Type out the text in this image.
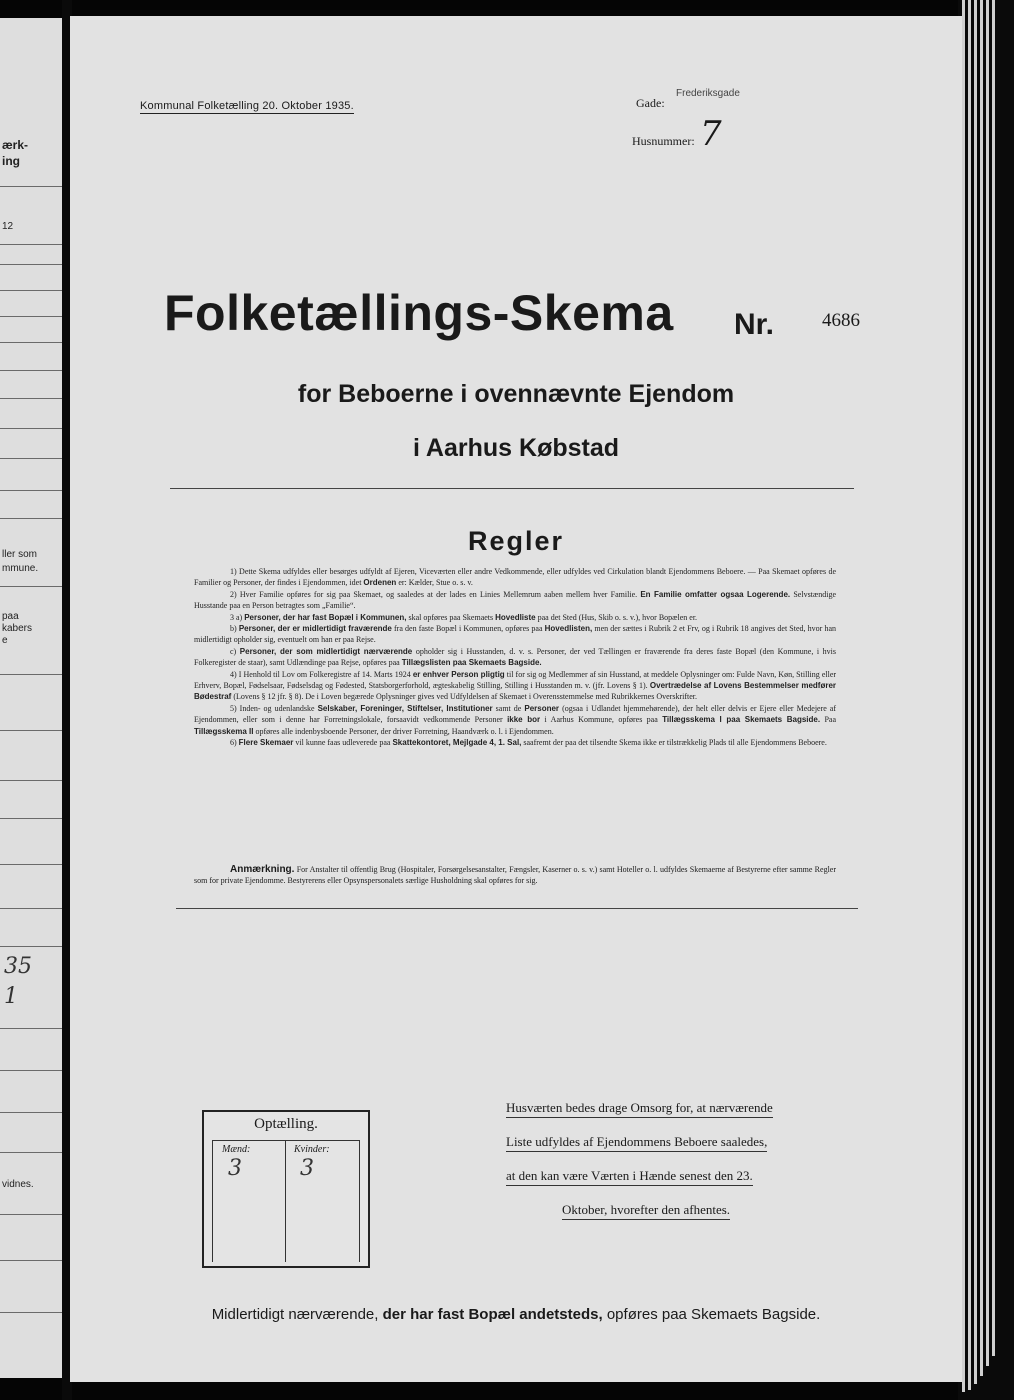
ærk-
ing
12
ller som
mmune.
paa
kabers
e
35
1
vidnes.
Kommunal Folketælling 20. Oktober 1935.	Gade:
Frederiksgade
Husnummer: 7
Folketællings-Skema Nr.	4686
for Beboerne i ovennævnte Ejendom
i Aarhus Købstad
Regler

1) Dette Skema udfyldes eller besørges udfyldt af Ejeren, Viceværten eller andre Vedkommende, eller udfyldes ved Cirkulation blandt Ejendommens Beboere. — Paa Skemaet opføres de Familier og Personer, der findes i Ejendommen, idet Ordenen er: Kælder, Stue o. s. v.

2) Hver Familie opføres for sig paa Skemaet, og saaledes at der lades en Linies Mellemrum aaben mellem hver Familie. En Familie omfatter ogsaa Logerende. Selvstændige Husstande paa en Person betragtes som „Familie“.

3 a) Personer, der har fast Bopæl i Kommunen, skal opføres paa Skemaets Hovedliste paa det Sted (Hus, Skib o. s. v.), hvor Bopælen er.

b) Personer, der er midlertidigt fraværende fra den faste Bopæl i Kommunen, opføres paa Hovedlisten, men der sættes i Rubrik 2 et Frv, og i Rubrik 18 angives det Sted, hvor han midlertidigt opholder sig, eventuelt om han er paa Rejse.

c) Personer, der som midlertidigt nærværende opholder sig i Husstanden, d. v. s. Personer, der ved Tællingen er fraværende fra deres faste Bopæl (den Kommune, i hvis Folkeregister de staar), samt Udlændinge paa Rejse, opføres paa Tillægslisten paa Skemaets Bagside.

4) I Henhold til Lov om Folkeregistre af 14. Marts 1924 er enhver Person pligtig til for sig og Medlemmer af sin Husstand, at meddele Oplysninger om: Fulde Navn, Køn, Stilling eller Erhverv, Bopæl, Fødselsaar, Fødselsdag og Fødested, Statsborgerforhold, ægteskabelig Stilling, Stilling i Husstanden m. v. (jfr. Lovens § 1). Overtrædelse af Lovens Bestemmelser medfører Bødestraf (Lovens § 12 jfr. § 8). De i Loven begærede Oplysninger gives ved Udfyldelsen af Skemaet i Overensstemmelse med Rubrikkernes Overskrifter.

5) Inden- og udenlandske Selskaber, Foreninger, Stiftelser, Institutioner samt de Personer (ogsaa i Udlandet hjemmehørende), der helt eller delvis er Ejere eller Medejere af Ejendommen, eller som i denne har Forretningslokale, forsaavidt vedkommende Personer ikke bor i Aarhus Kommune, opføres paa Tillægsskema I paa Skemaets Bagside. Paa Tillægsskema II opføres alle indenbysboende Personer, der driver Forretning, Haandværk o. l. i Ejendommen.

6) Flere Skemaer vil kunne faas udleverede paa Skattekontoret, Mejlgade 4, 1. Sal, saafremt der paa det tilsendte Skema ikke er tilstrækkelig Plads til alle Ejendommens Beboere.

Anmærkning. For Anstalter til offentlig Brug (Hospitaler, Forsørgelsesanstalter, Fængsler, Kaserner o. s. v.) samt Hoteller o. l. udfyldes Skemaerne af Bestyrerne efter samme Regler som for private Ejendomme. Bestyrerens eller Opsynspersonalets særlige Husholdning skal opføres for sig.
Optælling.
Mænd:
3
Kvinder:
3
Husværten bedes drage Omsorg for, at nærværende
Liste udfyldes af Ejendommens Beboere saaledes,
at den kan være Værten i Hænde senest den 23.
Oktober, hvorefter den afhentes.
Midlertidigt nærværende, der har fast Bopæl andetsteds, opføres paa Skemaets Bagside.
